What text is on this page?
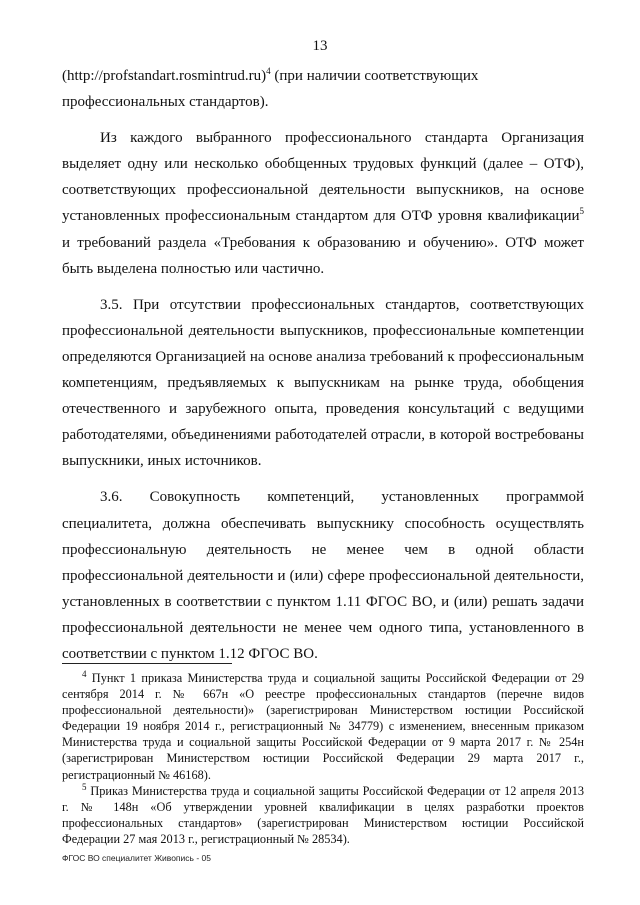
13

(http://profstandart.rosmintrud.ru)$^4$ (при наличии соответствующих

профессиональных стандартов).

Из каждого выбранного профессионального стандарта Организация выделяет одну или несколько обобщенных трудовых функций (далее – ОТФ), соответствующих профессиональной деятельности выпускников, на основе установленных профессиональным стандартом для ОТФ уровня квалификации$^5$ и требований раздела «Требования к образованию и обучению». ОТФ может быть выделена полностью или частично.

3.5. При отсутствии профессиональных стандартов, соответствующих профессиональной деятельности выпускников, профессиональные компетенции определяются Организацией на основе анализа требований к профессиональным компетенциям, предъявляемых к выпускникам на рынке труда, обобщения отечественного и зарубежного опыта, проведения консультаций с ведущими работодателями, объединениями работодателей отрасли, в которой востребованы выпускники, иных источников.

3.6. Совокупность компетенций, установленных программой специалитета, должна обеспечивать выпускнику способность осуществлять профессиональную деятельность не менее чем в одной области профессиональной деятельности и (или) сфере профессиональной деятельности, установленных в соответствии с пунктом 1.11 ФГОС ВО, и (или) решать задачи профессиональной деятельности не менее чем одного типа, установленного в соответствии с пунктом 1.12 ФГОС ВО.

$^4$ Пункт 1 приказа Министерства труда и социальной защиты Российской Федерации от 29 сентября 2014 г. № 667н «О реестре профессиональных стандартов (перечне видов профессиональной деятельности)» (зарегистрирован Министерством юстиции Российской Федерации 19 ноября 2014 г., регистрационный № 34779) с изменением, внесенным приказом Министерства труда и социальной защиты Российской Федерации от 9 марта 2017 г. № 254н (зарегистрирован Министерством юстиции Российской Федерации 29 марта 2017 г., регистрационный № 46168).

$^5$ Приказ Министерства труда и социальной защиты Российской Федерации от 12 апреля 2013 г. № 148н «Об утверждении уровней квалификации в целях разработки проектов профессиональных стандартов» (зарегистрирован Министерством юстиции Российской Федерации 27 мая 2013 г., регистрационный № 28534).

ФГОС ВО специалитет Живопись - 05
